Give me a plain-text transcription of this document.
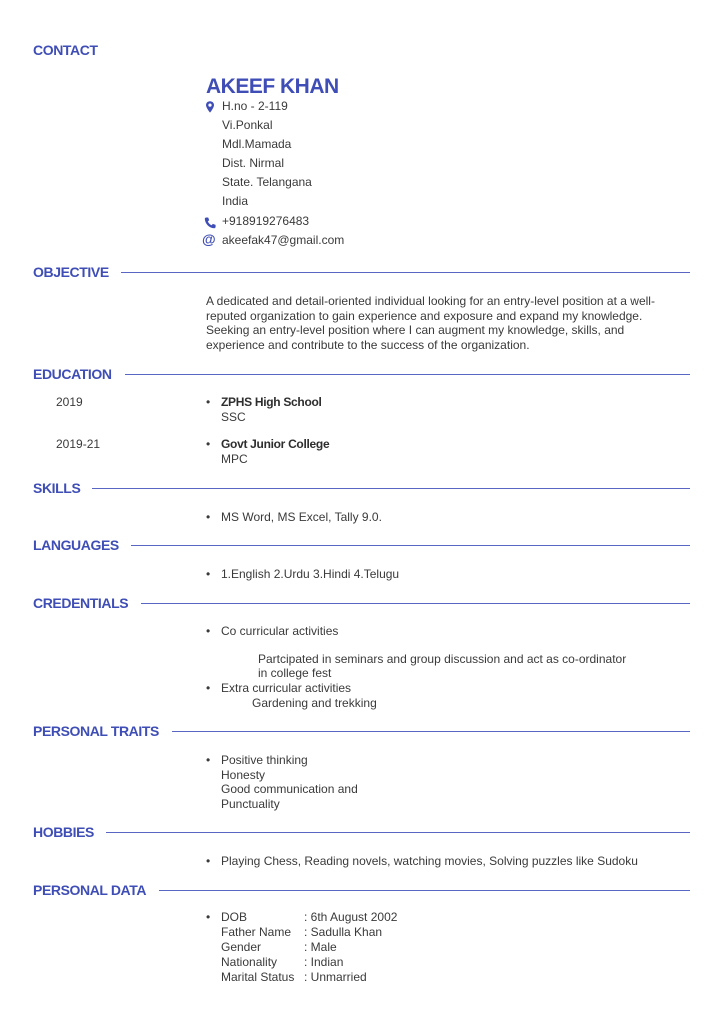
CONTACT
AKEEF KHAN
H.no - 2-119
Vi.Ponkal
Mdl.Mamada
Dist. Nirmal
State. Telangana
India
+918919276483
@ akeefak47@gmail.com
OBJECTIVE
A dedicated and detail-oriented individual looking for an entry-level position at a well-
reputed organization to gain experience and exposure and expand my knowledge.
Seeking an entry-level position where I can augment my knowledge, skills, and
experience and contribute to the success of the organization.
EDUCATION
2019	• ZPHS High School
SSC
2019-21	• Govt Junior College
MPC
SKILLS
• MS Word, MS Excel, Tally 9.0.
LANGUAGES
• 1.English 2.Urdu 3.Hindi 4.Telugu
CREDENTIALS
• Co curricular activities
Partcipated in seminars and group discussion and act as co-ordinator
in college fest
• Extra curricular activities
Gardening and trekking
PERSONAL TRAITS
• Positive thinking
Honesty
Good communication and
Punctuality
HOBBIES
• Playing Chess, Reading novels, watching movies, Solving puzzles like Sudoku
PERSONAL DATA
• DOB	: 6th August 2002
Father Name : Sadulla Khan
Gender	: Male
Nationality : Indian
Marital Status : Unmarried
